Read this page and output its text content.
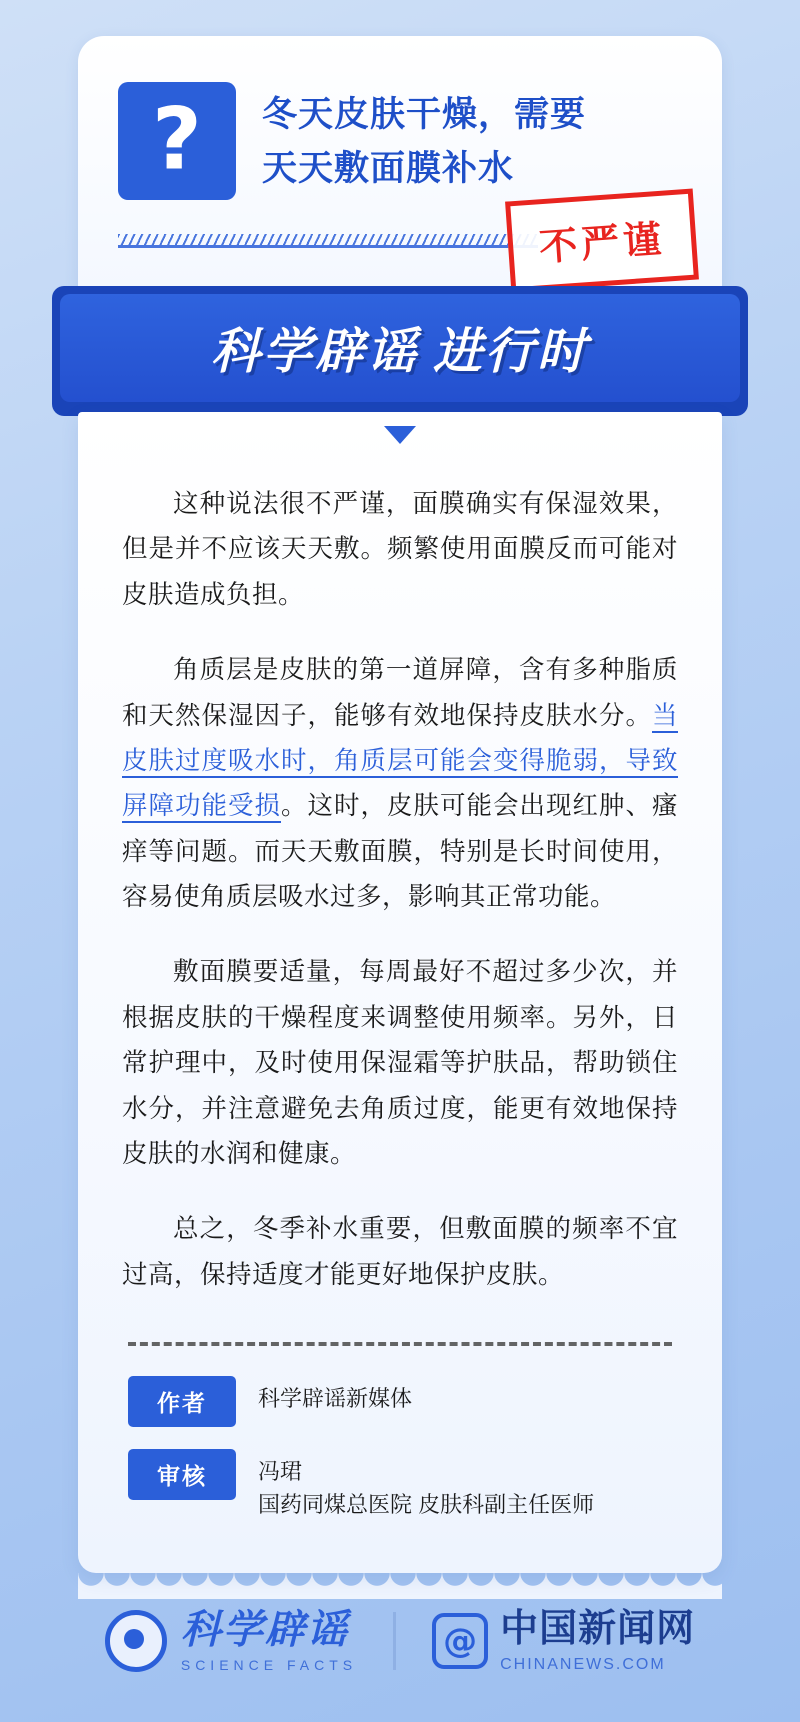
?	冬天皮肤干燥，需要
天天敷面膜补水
不严谨
科学辟谣 进行时

这种说法很不严谨，面膜确实有保湿效果，但是并不应该天天敷。频繁使用面膜反而可能对皮肤造成负担。

角质层是皮肤的第一道屏障，含有多种脂质和天然保湿因子，能够有效地保持皮肤水分。当皮肤过度吸水时，角质层可能会变得脆弱，导致屏障功能受损。这时，皮肤可能会出现红肿、瘙痒等问题。而天天敷面膜，特别是长时间使用，容易使角质层吸水过多，影响其正常功能。

敷面膜要适量，每周最好不超过多少次，并根据皮肤的干燥程度来调整使用频率。另外，日常护理中，及时使用保湿霜等护肤品，帮助锁住水分，并注意避免去角质过度，能更有效地保持皮肤的水润和健康。

总之，冬季补水重要，但敷面膜的频率不宜过高，保持适度才能更好地保护皮肤。

作者	科学辟谣新媒体
审核	冯珺
国药同煤总医院 皮肤科副主任医师
科学辟谣
SCIENCE FACTS
@ 中国新闻网
CHINANEWS.COM
